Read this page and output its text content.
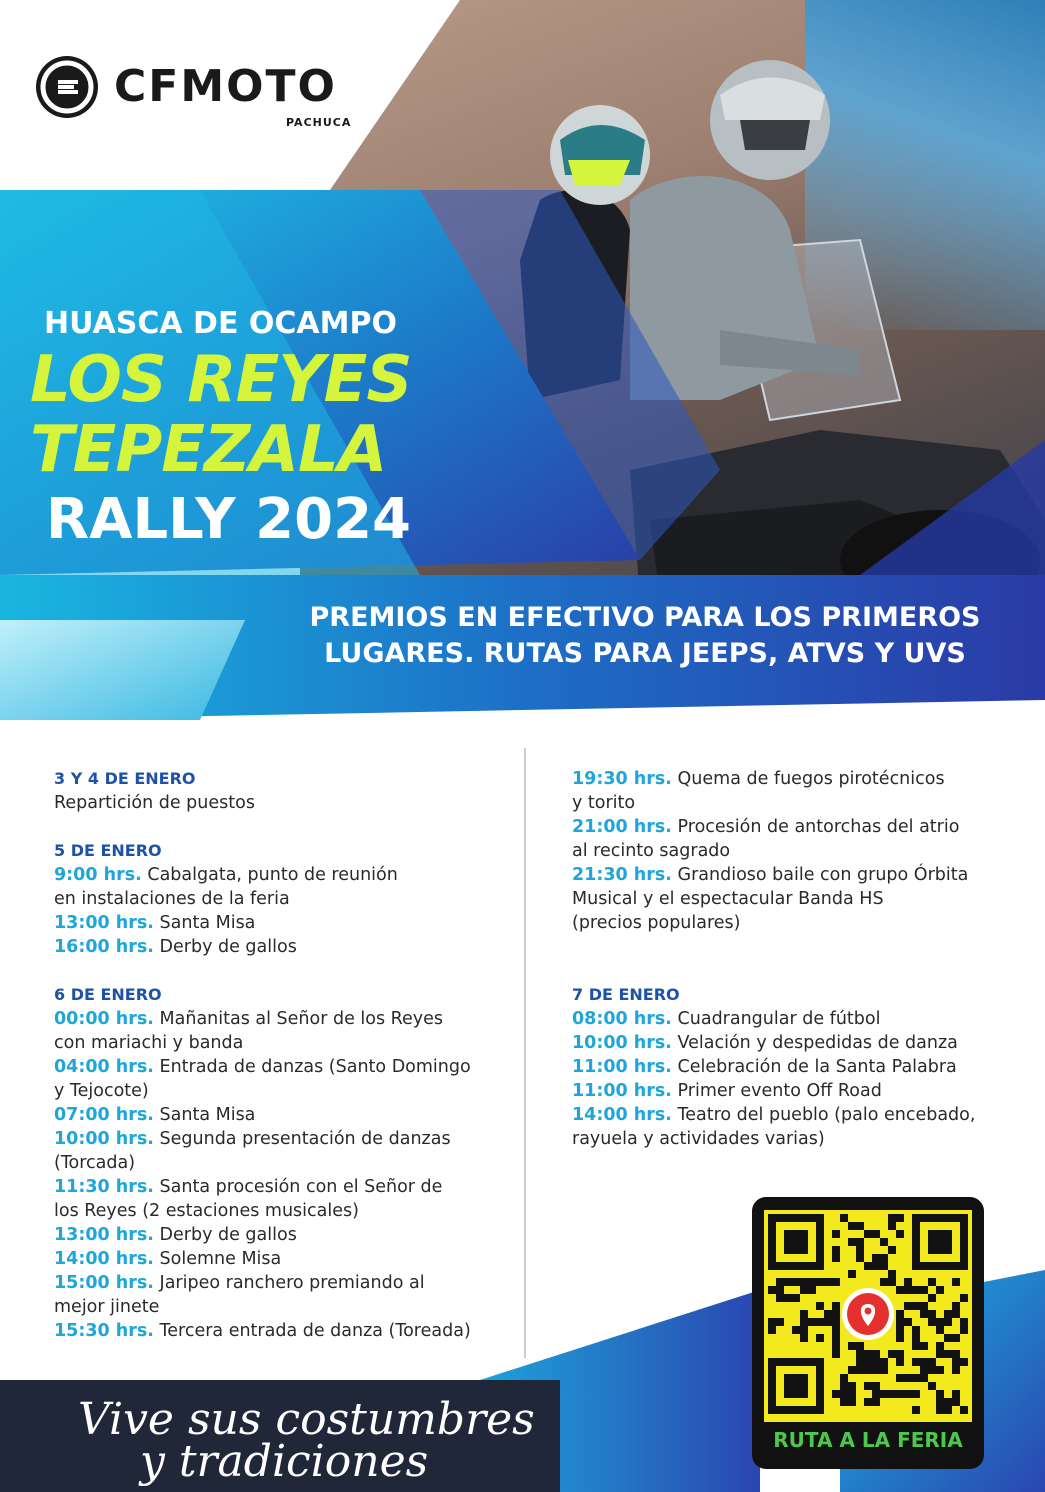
CFMOTO
PACHUCA
HUASCA DE OCAMPO
LOS REYES
TEPEZALA
RALLY 2024
PREMIOS EN EFECTIVO PARA LOS PRIMEROS
LUGARES. RUTAS PARA JEEPS, ATVS Y UVS
3 Y 4 DE ENERO
Repartición de puestos
5 DE ENERO
9:00 hrs. Cabalgata, punto de reunión
en instalaciones de la feria
13:00 hrs. Santa Misa
16:00 hrs. Derby de gallos
6 DE ENERO
00:00 hrs. Mañanitas al Señor de los Reyes
con mariachi y banda
04:00 hrs. Entrada de danzas (Santo Domingo
y Tejocote)
07:00 hrs. Santa Misa
10:00 hrs. Segunda presentación de danzas
(Torcada)
11:30 hrs. Santa procesión con el Señor de
los Reyes (2 estaciones musicales)
13:00 hrs. Derby de gallos
14:00 hrs. Solemne Misa
15:00 hrs. Jaripeo ranchero premiando al
mejor jinete
15:30 hrs. Tercera entrada de danza (Toreada)
19:30 hrs. Quema de fuegos pirotécnicos
y torito
21:00 hrs. Procesión de antorchas del atrio
al recinto sagrado
21:30 hrs. Grandioso baile con grupo Órbita
Musical y el espectacular Banda HS
(precios populares)
7 DE ENERO
08:00 hrs. Cuadrangular de fútbol
10:00 hrs. Velación y despedidas de danza
11:00 hrs. Celebración de la Santa Palabra
11:00 hrs. Primer evento Off Road
14:00 hrs. Teatro del pueblo (palo encebado,
rayuela y actividades varias)
Vive sus costumbres
y tradiciones	RUTA A LA FERIA
